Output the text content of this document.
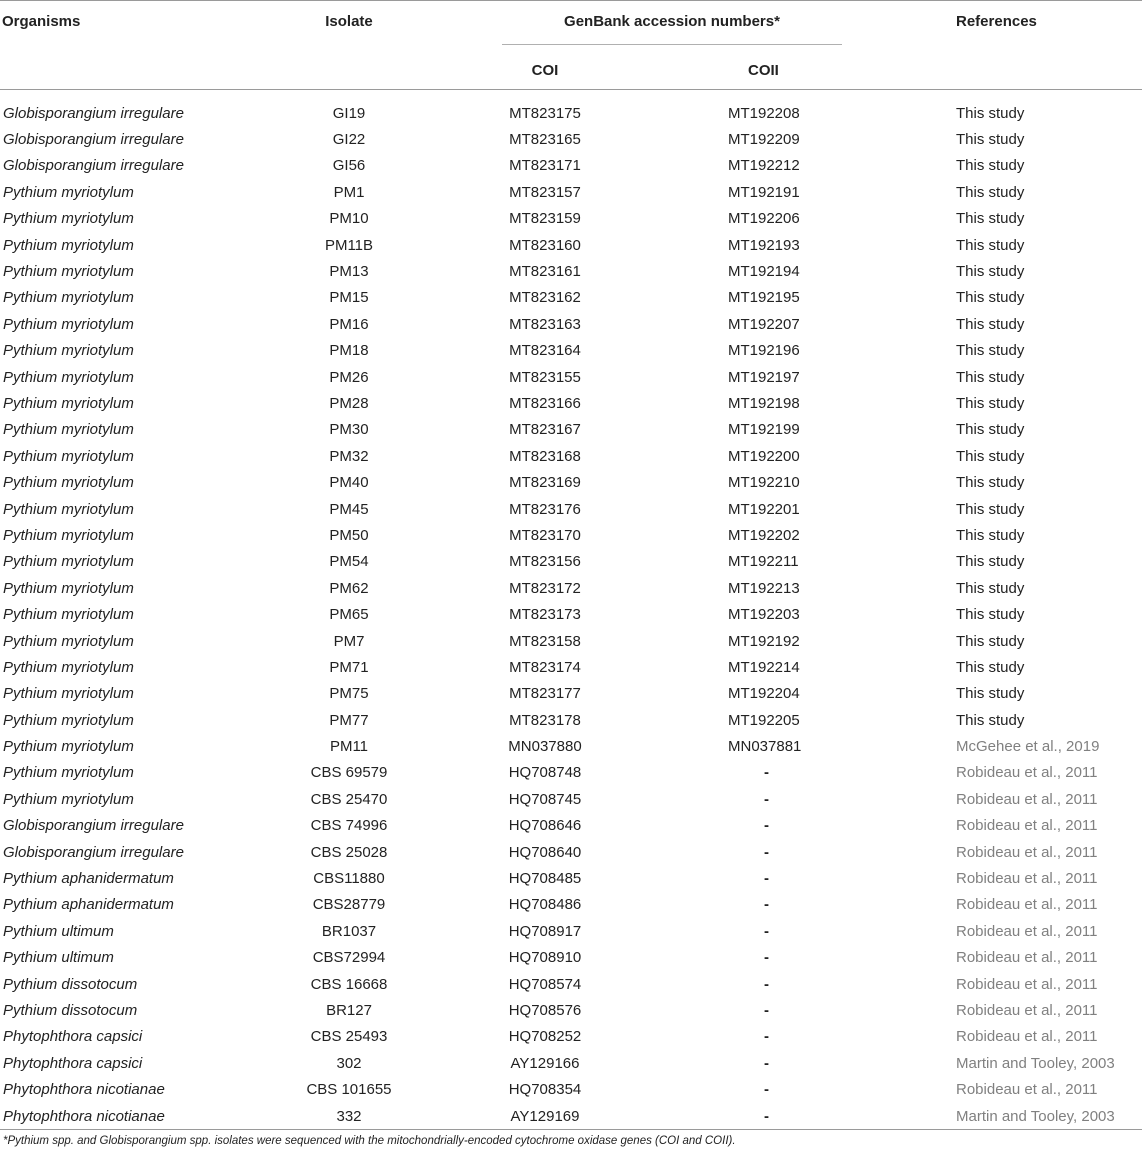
Organisms	Isolate	GenBank accession numbers*		References
		COI	COII	
Globisporangium irregulare	GI19	MT823175	MT192208	This study
Globisporangium irregulare	GI22	MT823165	MT192209	This study
Globisporangium irregulare	GI56	MT823171	MT192212	This study
Pythium myriotylum	PM1	MT823157	MT192191	This study
Pythium myriotylum	PM10	MT823159	MT192206	This study
Pythium myriotylum	PM11B	MT823160	MT192193	This study
Pythium myriotylum	PM13	MT823161	MT192194	This study
Pythium myriotylum	PM15	MT823162	MT192195	This study
Pythium myriotylum	PM16	MT823163	MT192207	This study
Pythium myriotylum	PM18	MT823164	MT192196	This study
Pythium myriotylum	PM26	MT823155	MT192197	This study
Pythium myriotylum	PM28	MT823166	MT192198	This study
Pythium myriotylum	PM30	MT823167	MT192199	This study
Pythium myriotylum	PM32	MT823168	MT192200	This study
Pythium myriotylum	PM40	MT823169	MT192210	This study
Pythium myriotylum	PM45	MT823176	MT192201	This study
Pythium myriotylum	PM50	MT823170	MT192202	This study
Pythium myriotylum	PM54	MT823156	MT192211	This study
Pythium myriotylum	PM62	MT823172	MT192213	This study
Pythium myriotylum	PM65	MT823173	MT192203	This study
Pythium myriotylum	PM7	MT823158	MT192192	This study
Pythium myriotylum	PM71	MT823174	MT192214	This study
Pythium myriotylum	PM75	MT823177	MT192204	This study
Pythium myriotylum	PM77	MT823178	MT192205	This study
Pythium myriotylum	PM11	MN037880	MN037881	McGehee et al., 2019
Pythium myriotylum	CBS 69579	HQ708748	-	Robideau et al., 2011
Pythium myriotylum	CBS 25470	HQ708745	-	Robideau et al., 2011
Globisporangium irregulare	CBS 74996	HQ708646	-	Robideau et al., 2011
Globisporangium irregulare	CBS 25028	HQ708640	-	Robideau et al., 2011
Pythium aphanidermatum	CBS11880	HQ708485	-	Robideau et al., 2011
Pythium aphanidermatum	CBS28779	HQ708486	-	Robideau et al., 2011
Pythium ultimum	BR1037	HQ708917	-	Robideau et al., 2011
Pythium ultimum	CBS72994	HQ708910	-	Robideau et al., 2011
Pythium dissotocum	CBS 16668	HQ708574	-	Robideau et al., 2011
Pythium dissotocum	BR127	HQ708576	-	Robideau et al., 2011
Phytophthora capsici	CBS 25493	HQ708252	-	Robideau et al., 2011
Phytophthora capsici	302	AY129166	-	Martin and Tooley, 2003
Phytophthora nicotianae	CBS 101655	HQ708354	-	Robideau et al., 2011
Phytophthora nicotianae	332	AY129169	-	Martin and Tooley, 2003

*Pythium spp. and Globisporangium spp. isolates were sequenced with the mitochondrially-encoded cytochrome oxidase genes (COI and COII).
